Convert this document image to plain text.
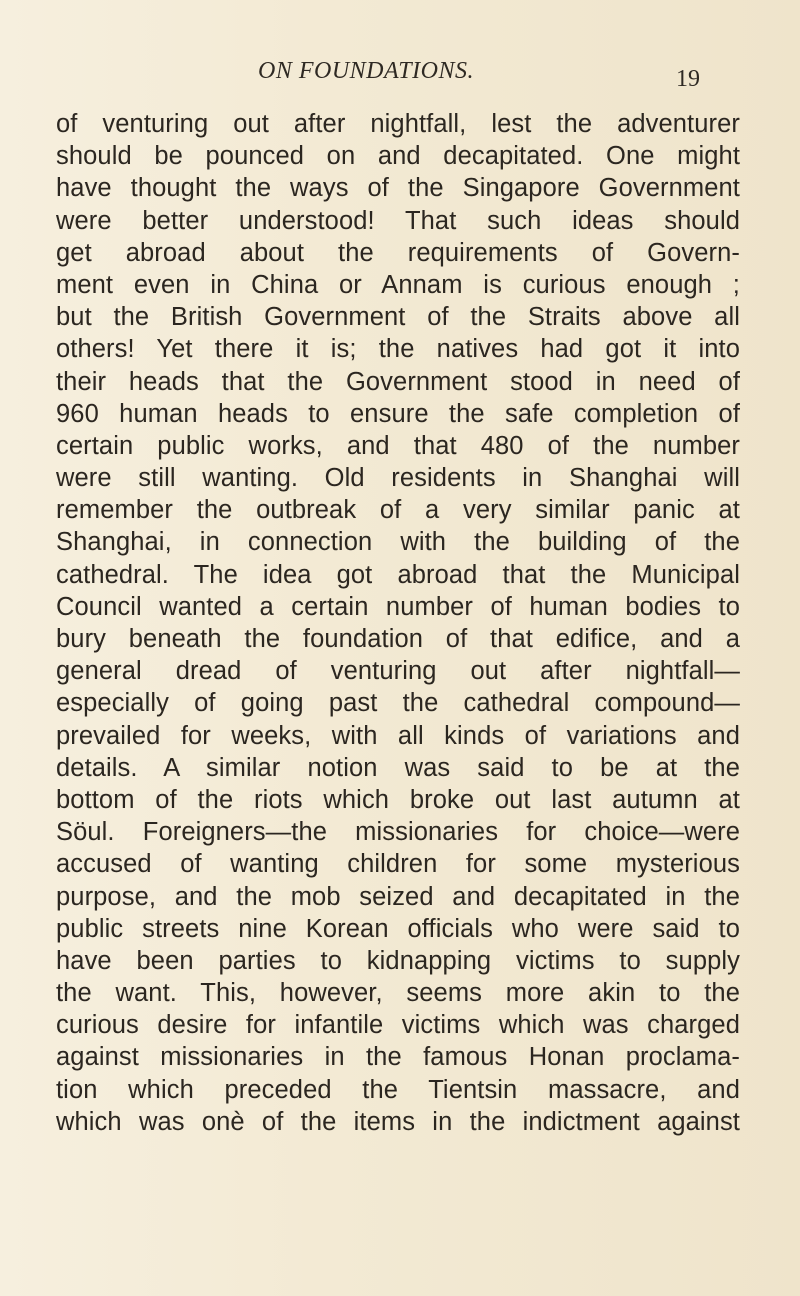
ON FOUNDATIONS.	19
of venturing out after nightfall, lest the adventurer
should be pounced on and decapitated. One might
have thought the ways of the Singapore Government
were better understood! That such ideas should
get abroad about the requirements of Govern-
ment even in China or Annam is curious enough ;
but the British Government of the Straits above all
others! Yet there it is; the natives had got it into
their heads that the Government stood in need of
960 human heads to ensure the safe completion of
certain public works, and that 480 of the number
were still wanting. Old residents in Shanghai will
remember the outbreak of a very similar panic at
Shanghai, in connection with the building of the
cathedral. The idea got abroad that the Municipal
Council wanted a certain number of human bodies to
bury beneath the foundation of that edifice, and a
general dread of venturing out after nightfall—
especially of going past the cathedral compound—
prevailed for weeks, with all kinds of variations and
details. A similar notion was said to be at the
bottom of the riots which broke out last autumn at
Söul. Foreigners—the missionaries for choice—were
accused of wanting children for some mysterious
purpose, and the mob seized and decapitated in the
public streets nine Korean officials who were said to
have been parties to kidnapping victims to supply
the want. This, however, seems more akin to the
curious desire for infantile victims which was charged
against missionaries in the famous Honan proclama-
tion which preceded the Tientsin massacre, and
which was onè of the items in the indictment against
